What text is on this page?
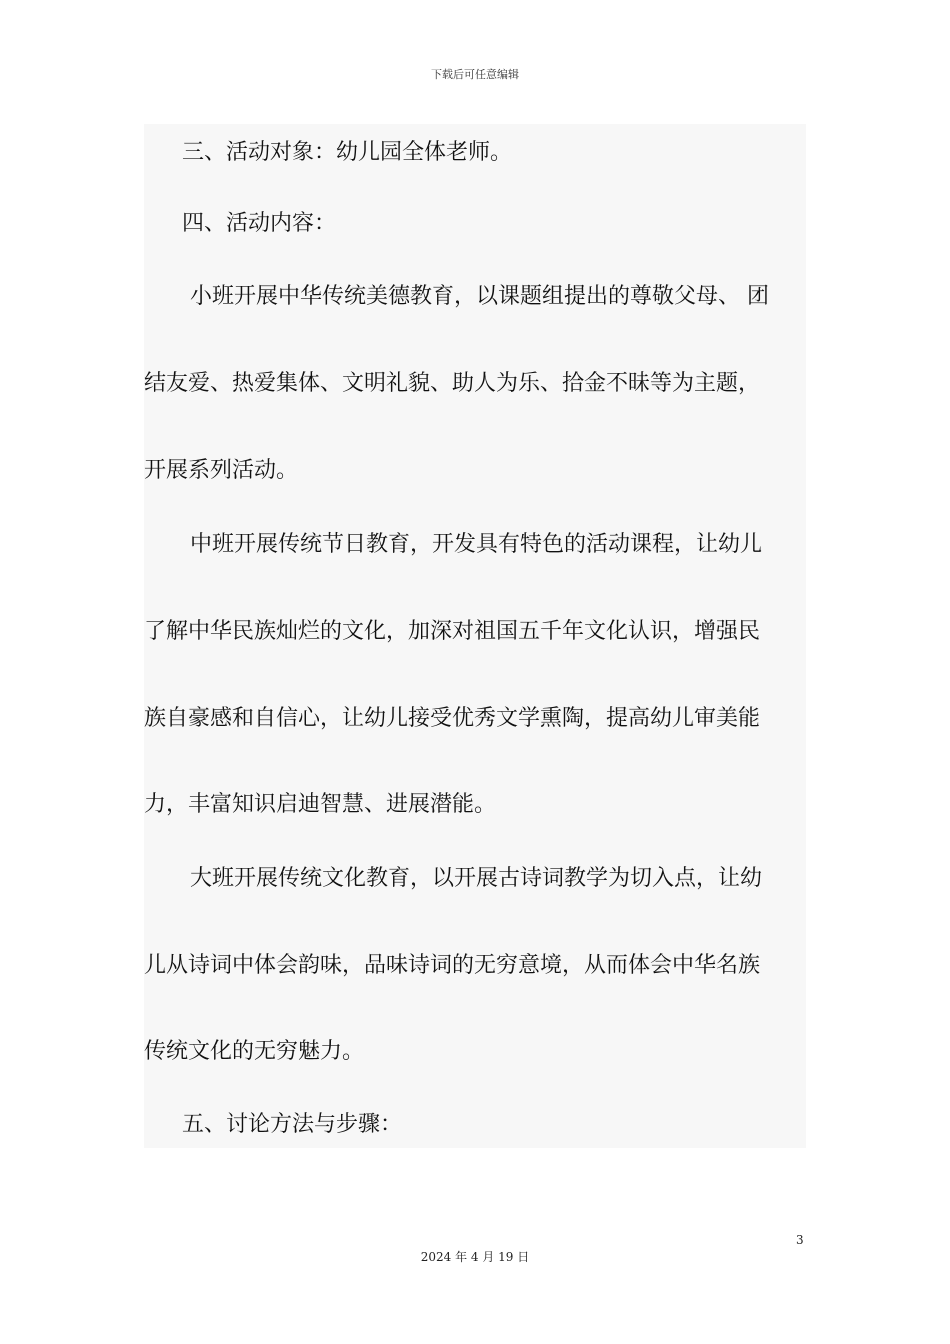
下载后可任意编辑
三、活动对象：幼儿园全体老师。
四、活动内容：
小班开展中华传统美德教育，以课题组提出的尊敬父母、 团
结友爱、热爱集体、文明礼貌、助人为乐、拾金不昧等为主题，
开展系列活动。
中班开展传统节日教育，开发具有特色的活动课程，让幼儿
了解中华民族灿烂的文化，加深对祖国五千年文化认识，增强民
族自豪感和自信心，让幼儿接受优秀文学熏陶，提高幼儿审美能
力，丰富知识启迪智慧、进展潜能。
大班开展传统文化教育，以开展古诗词教学为切入点，让幼
儿从诗词中体会韵味，品味诗词的无穷意境，从而体会中华名族
传统文化的无穷魅力。
五、讨论方法与步骤：
3
2024 年 4 月 19 日
